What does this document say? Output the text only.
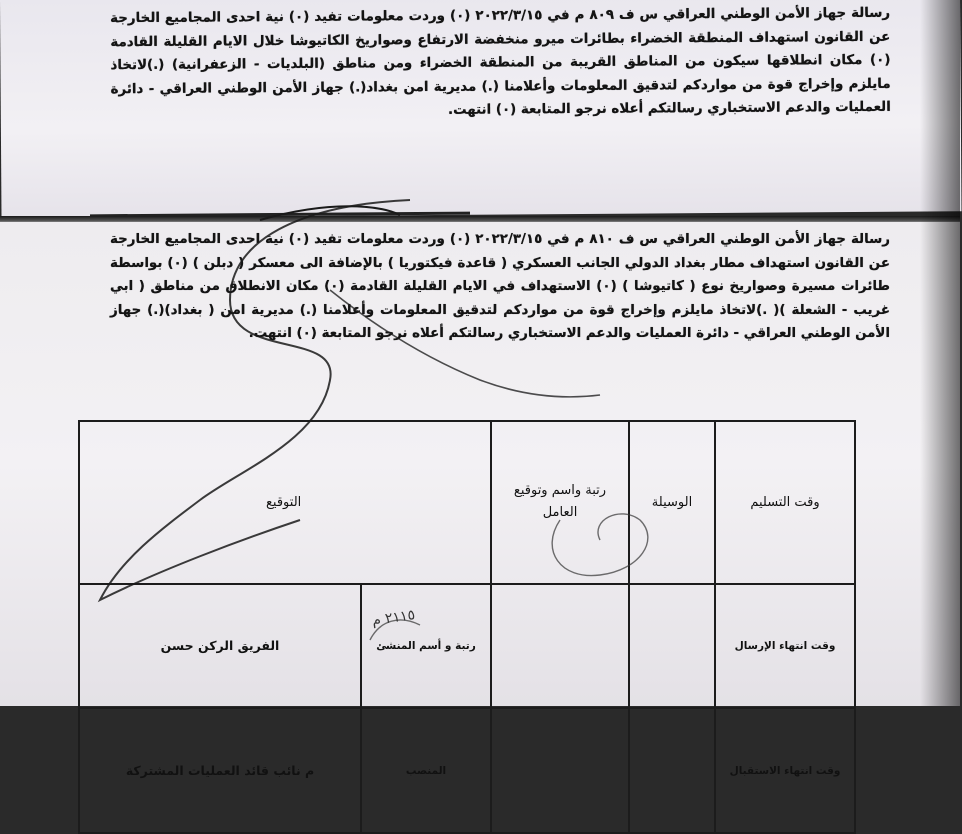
رسالة جهاز الأمن الوطني العراقي س ف ٨٠٩ م في ٢٠٢٢/٣/١٥ (٠) وردت معلومات تفيد (٠) نية احدى المجاميع الخارجة عن القانون استهداف المنطقة الخضراء بطائرات ميرو منخفضة الارتفاع وصواريخ الكاتيوشا خلال الايام القليلة القادمة (٠) مكان انطلاقها سيكون من المناطق القريبة من المنطقة الخضراء ومن مناطق (البلديات - الزعفرانية) (.)لاتخاذ مايلزم وإخراج قوة من مواردكم لتدقيق المعلومات وأعلامنا (.) مديرية امن بغداد(.) جهاز الأمن الوطني العراقي - دائرة العمليات والدعم الاستخباري رسالتكم أعلاه نرجو المتابعة (٠) انتهت.

رسالة جهاز الأمن الوطني العراقي س ف ٨١٠ م في ٢٠٢٢/٣/١٥ (٠) وردت معلومات تفيد (٠) نية احدى المجاميع الخارجة عن القانون استهداف مطار بغداد الدولي الجانب العسكري ( قاعدة فيكتوريا ) بالإضافة الى معسكر ( دبلن ) (٠) بواسطة طائرات مسيرة وصواريخ نوع ( كاتيوشا ) (٠) الاستهداف في الايام القليلة القادمة (٠) مكان الانطلاق من مناطق ( ابي غريب - الشعلة )( .)لاتخاذ مايلزم وإخراج قوة من مواردكم لتدقيق المعلومات وأعلامنا (.) مديرية امن ( بغداد)(.) جهاز الأمن الوطني العراقي - دائرة العمليات والدعم الاستخباري رسالتكم أعلاه نرجو المتابعة (٠) انتهت.

وقت التسليم	الوسيلة	رتبة واسم وتوقيع العامل	التوقيع	
وقت انتهاء الإرسال			رتبة و أسم المنشئ	الفريق الركن حسن
وقت انتهاء الاستقبال			المنصب	م نائب قائد العمليات المشتركة
٢١١٥ م
